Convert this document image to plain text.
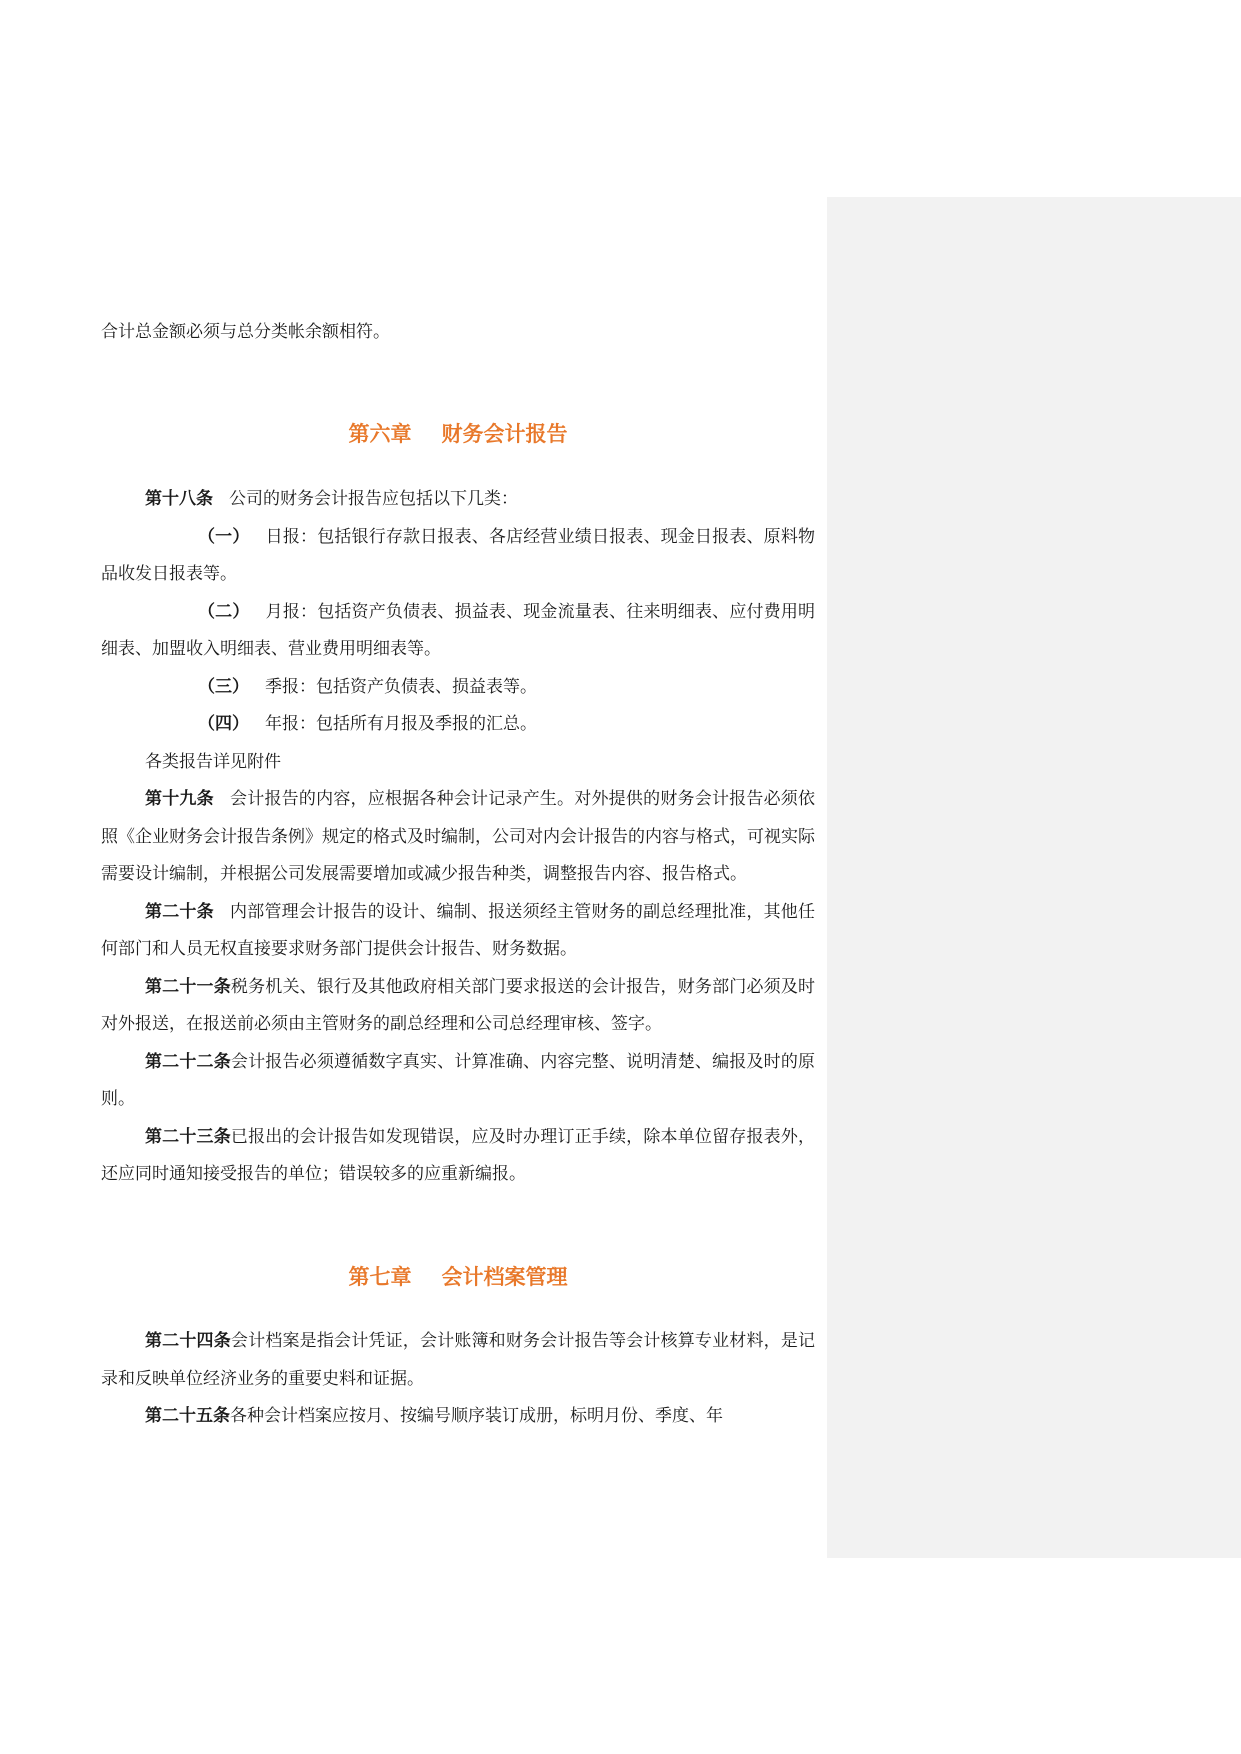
合计总金额必须与总分类帐余额相符。
第六章 财务会计报告

第十八条 公司的财务会计报告应包括以下几类：

（一） 日报：包括银行存款日报表、各店经营业绩日报表、现金日报表、原料物品收发日报表等。

（二） 月报：包括资产负债表、损益表、现金流量表、往来明细表、应付费用明细表、加盟收入明细表、营业费用明细表等。

（三） 季报：包括资产负债表、损益表等。

（四） 年报：包括所有月报及季报的汇总。

各类报告详见附件

第十九条 会计报告的内容，应根据各种会计记录产生。对外提供的财务会计报告必须依照《企业财务会计报告条例》规定的格式及时编制，公司对内会计报告的内容与格式，可视实际需要设计编制，并根据公司发展需要增加或减少报告种类，调整报告内容、报告格式。

第二十条 内部管理会计报告的设计、编制、报送须经主管财务的副总经理批准，其他任何部门和人员无权直接要求财务部门提供会计报告、财务数据。

第二十一条税务机关、银行及其他政府相关部门要求报送的会计报告，财务部门必须及时对外报送，在报送前必须由主管财务的副总经理和公司总经理审核、签字。

第二十二条会计报告必须遵循数字真实、计算准确、内容完整、说明清楚、编报及时的原则。

第二十三条已报出的会计报告如发现错误，应及时办理订正手续，除本单位留存报表外，还应同时通知接受报告的单位；错误较多的应重新编报。

第七章 会计档案管理

第二十四条会计档案是指会计凭证，会计账簿和财务会计报告等会计核算专业材料，是记录和反映单位经济业务的重要史料和证据。

第二十五条各种会计档案应按月、按编号顺序装订成册，标明月份、季度、年
